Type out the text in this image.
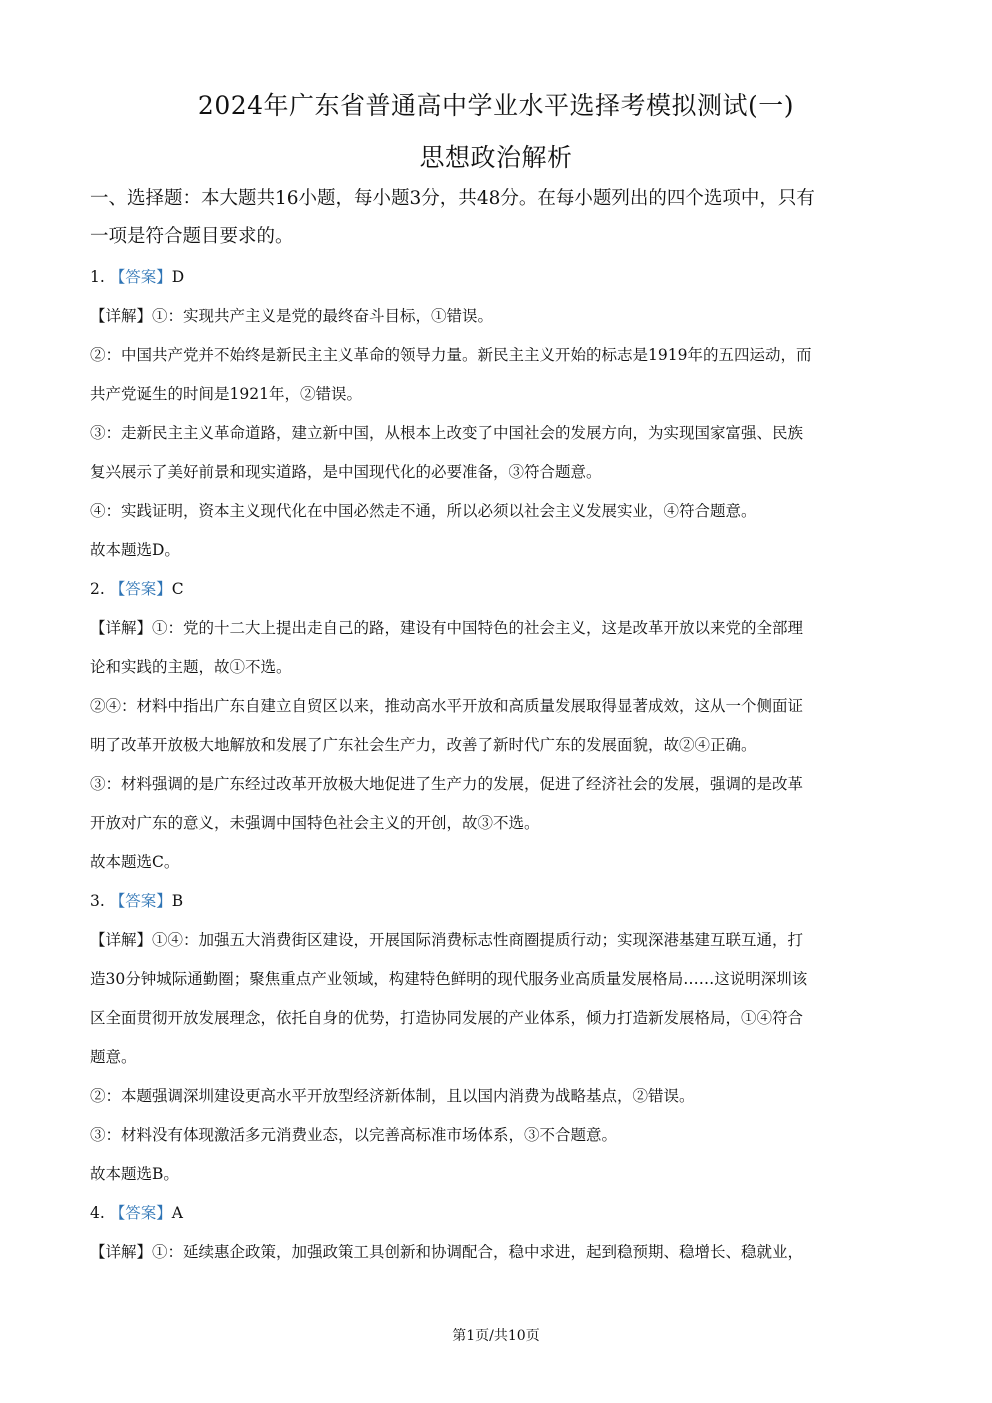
2024年广东省普通高中学业水平选择考模拟测试(一)
思想政治解析
一、选择题：本大题共16小题，每小题3分，共48分。在每小题列出的四个选项中，只有
一项是符合题目要求的。
1. 【答案】D
【详解】①：实现共产主义是党的最终奋斗目标，①错误。
②：中国共产党并不始终是新民主主义革命的领导力量。新民主主义开始的标志是1919年的五四运动，而
共产党诞生的时间是1921年，②错误。
③：走新民主主义革命道路，建立新中国，从根本上改变了中国社会的发展方向，为实现国家富强、民族
复兴展示了美好前景和现实道路，是中国现代化的必要准备，③符合题意。
④：实践证明，资本主义现代化在中国必然走不通，所以必须以社会主义发展实业，④符合题意。
故本题选D。
2. 【答案】C
【详解】①：党的十二大上提出走自己的路，建设有中国特色的社会主义，这是改革开放以来党的全部理
论和实践的主题，故①不选。
②④：材料中指出广东自建立自贸区以来，推动高水平开放和高质量发展取得显著成效，这从一个侧面证
明了改革开放极大地解放和发展了广东社会生产力，改善了新时代广东的发展面貌，故②④正确。
③：材料强调的是广东经过改革开放极大地促进了生产力的发展，促进了经济社会的发展，强调的是改革
开放对广东的意义，未强调中国特色社会主义的开创，故③不选。
故本题选C。
3. 【答案】B
【详解】①④：加强五大消费街区建设，开展国际消费标志性商圈提质行动；实现深港基建互联互通，打
造30分钟城际通勤圈；聚焦重点产业领域，构建特色鲜明的现代服务业高质量发展格局……这说明深圳该
区全面贯彻开放发展理念，依托自身的优势，打造协同发展的产业体系，倾力打造新发展格局，①④符合
题意。
②：本题强调深圳建设更高水平开放型经济新体制，且以国内消费为战略基点，②错误。
③：材料没有体现激活多元消费业态，以完善高标准市场体系，③不合题意。
故本题选B。
4. 【答案】A
【详解】①：延续惠企政策，加强政策工具创新和协调配合，稳中求进，起到稳预期、稳增长、稳就业，
第1页/共10页
